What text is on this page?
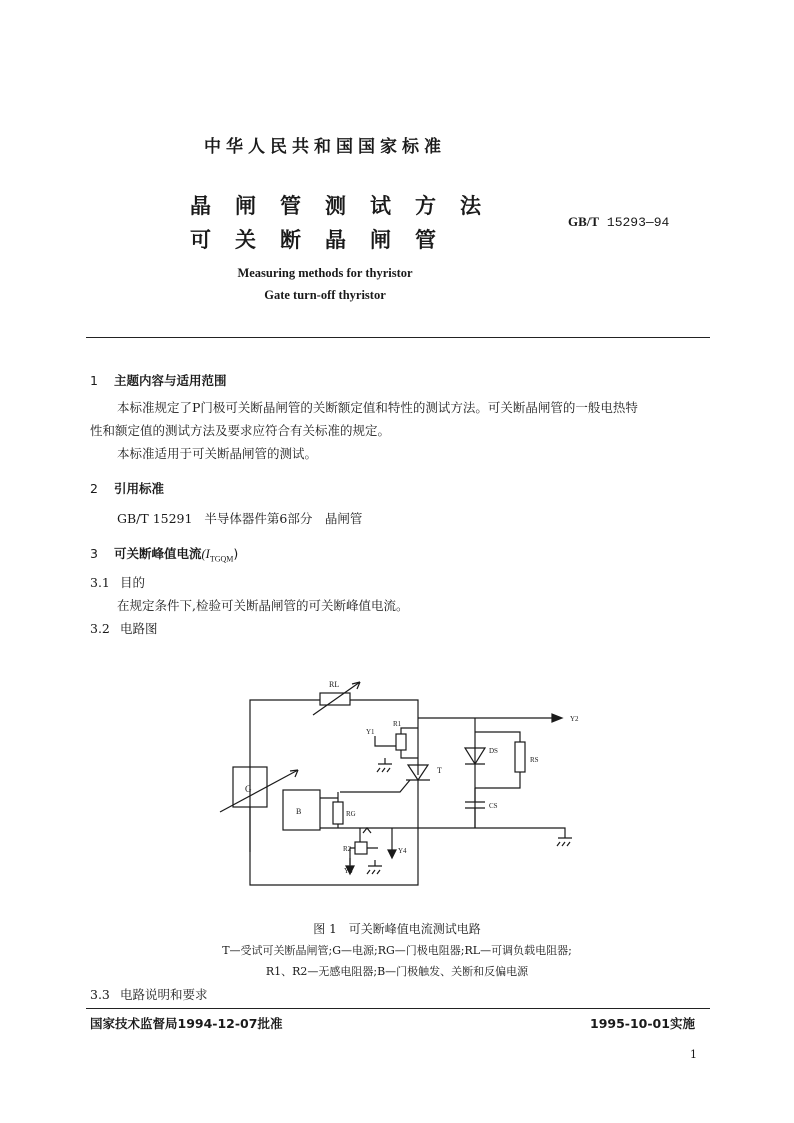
中华人民共和国国家标准
晶闸管测试方法
可关断晶闸管
GB/T 15293—94
Measuring methods for thyristor
Gate turn-off thyristor
1 主题内容与适用范围
本标准规定了P门极可关断晶闸管的关断额定值和特性的测试方法。可关断晶闸管的一般电热特
性和额定值的测试方法及要求应符合有关标准的规定。
本标准适用于可关断晶闸管的测试。
2 引用标准
GB/T 15291 半导体器件第6部分　晶闸管
3 可关断峰值电流$(I_{TGQM})$
3.1 目的
在规定条件下,检验可关断晶闸管的可关断峰值电流。
3.2 电路图
RL
R1
Y1
T
G
B	RG
R2
Y3
Y4
DS
RS
CS
Y2
图 1　可关断峰值电流测试电路
T—受试可关断晶闸管;G—电源;RG—门极电阻器;RL—可调负载电阻器;
R1、R2—无感电阻器;B—门极触发、关断和反偏电源
3.3 电路说明和要求
国家技术监督局1994-12-07批准	1995-10-01实施
1
